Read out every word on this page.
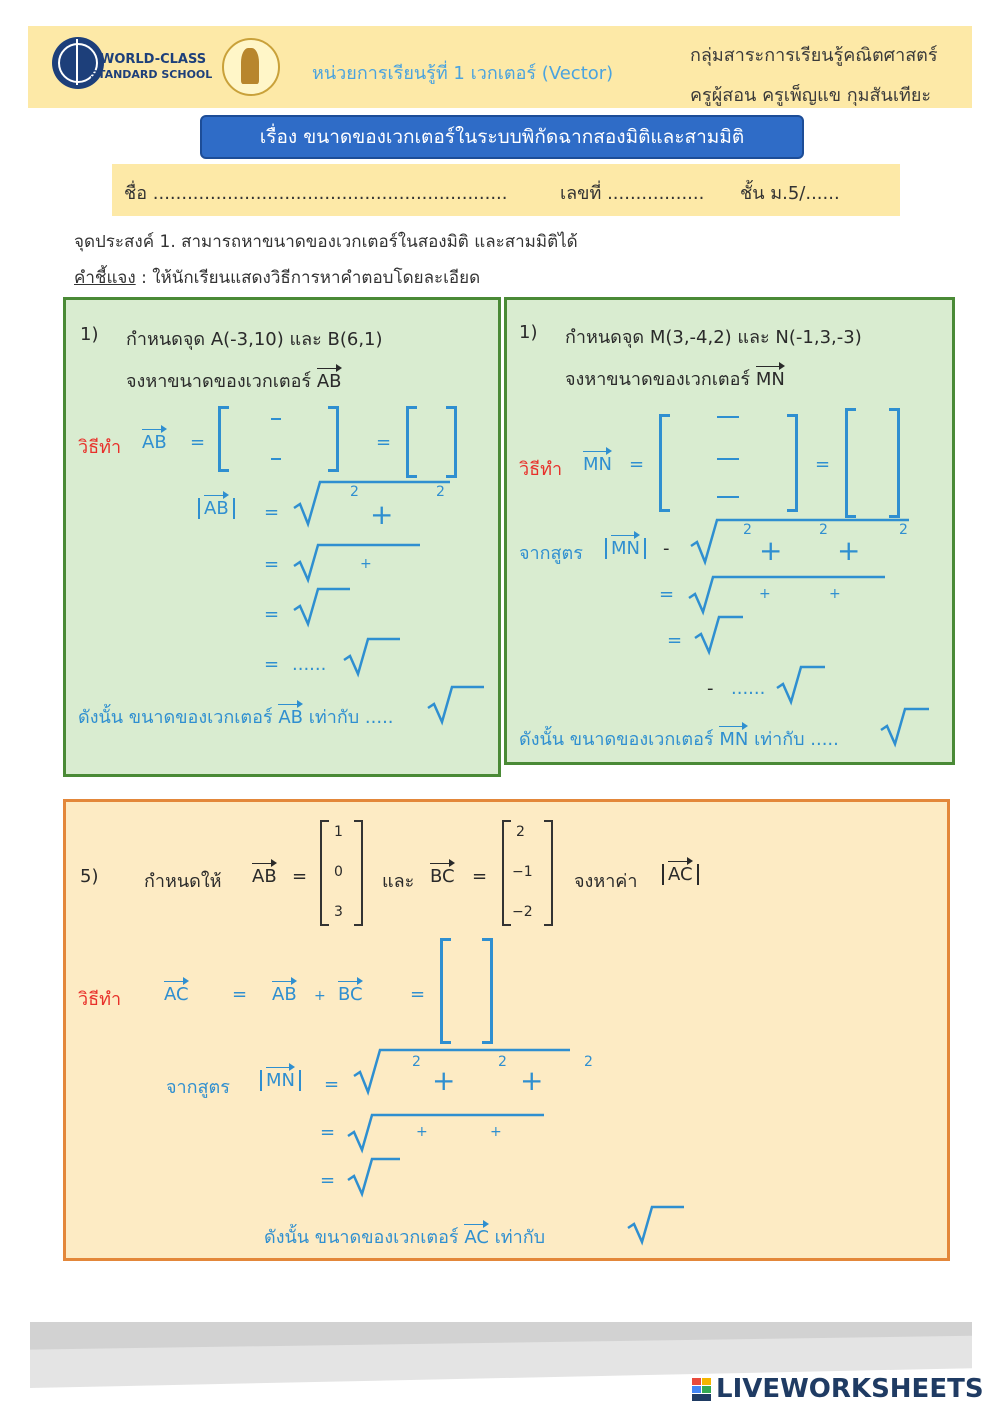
WORLD-CLASS
STANDARD SCHOOL	หน่วยการเรียนรู้ที่ 1 เวกเตอร์ (Vector)
กลุ่มสาระการเรียนรู้คณิตศาสตร์
ครูผู้สอน ครูเพ็ญแข กุมสันเทียะ
เรื่อง ขนาดของเวกเตอร์ในระบบพิกัดฉากสองมิติและสามมิติ
ชื่อ ..............................................................	เลขที่ ................. ชั้น ม.5/......
จุดประสงค์ 1. สามารถหาขนาดของเวกเตอร์ในสองมิติ และสามมิติได้
คำชี้แจง : ให้นักเรียนแสดงวิธีการหาคำตอบโดยละเอียด
1) กำหนดจุด A(-3,10) และ B(6,1)
จงหาขนาดของเวกเตอร์ AB
วิธีทำ AB =	=
AB	=
2
+
2
=	+
=
= ......
ดังนั้น ขนาดของเวกเตอร์ AB เท่ากับ .....
1) กำหนดจุด M(3,-4,2) และ N(-1,3,-3)
จงหาขนาดของเวกเตอร์ MN
วิธีทำ MN =	=
จากสูตร	MN	-
2
+
2
+
2
=	+	+
=
- ......
ดังนั้น ขนาดของเวกเตอร์ MN เท่ากับ .....
5)	กำหนดให้ AB =
1
0
3
และ BC =
2
−1
−2
จงหาค่า	AC
วิธีทำ AC = AB + BC	=
จากสูตร	MN	=
2
+
2
+
2
=	+	+
=
ดังนั้น ขนาดของเวกเตอร์ AC เท่ากับ
LIVEWORKSHEETS
